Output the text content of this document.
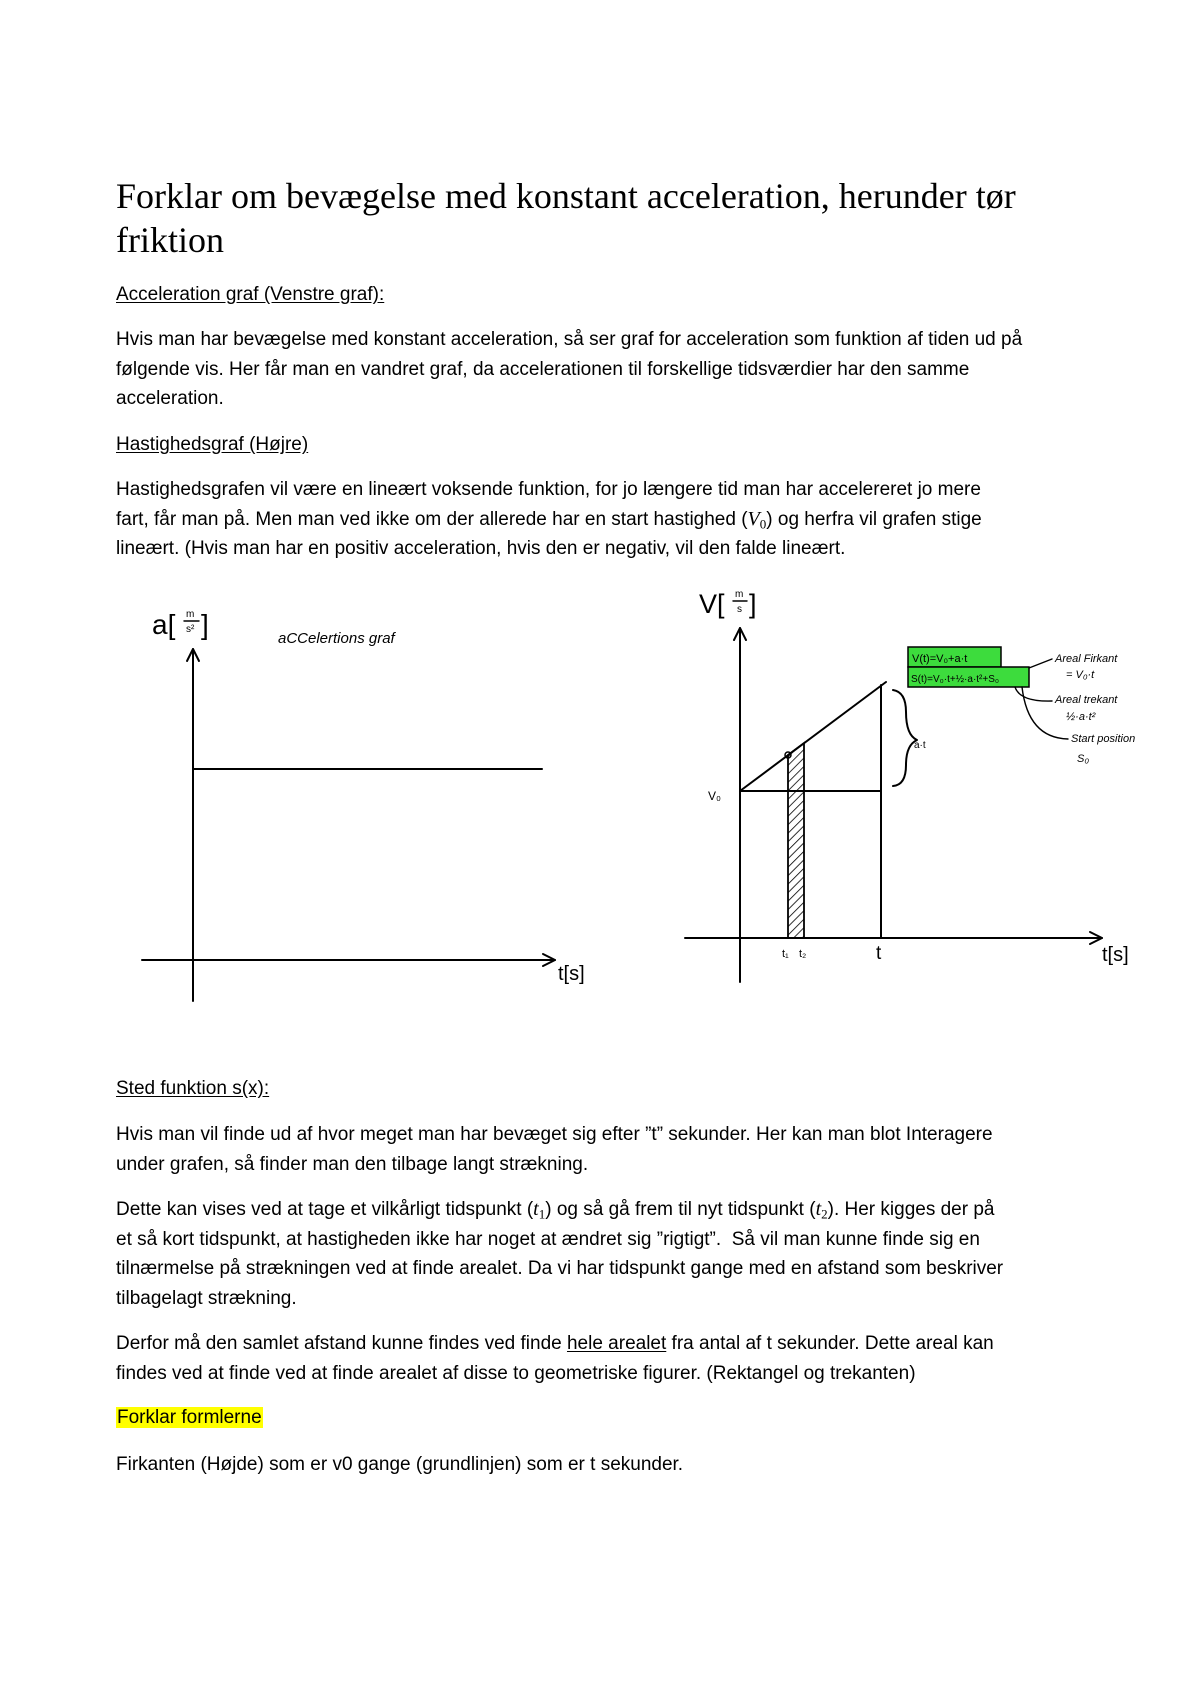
Forklar om bevægelse med konstant acceleration, herunder tør
friktion
Acceleration graf (Venstre graf):
Hvis man har bevægelse med konstant acceleration, så ser graf for acceleration som funktion af tiden ud på
følgende vis. Her får man en vandret graf, da accelerationen til forskellige tidsværdier har den samme
acceleration.
Hastighedsgraf (Højre)
Hastighedsgrafen vil være en lineært voksende funktion, for jo længere tid man har accelereret jo mere
fart, får man på. Men man ved ikke om der allerede har en start hastighed $(V_0)$ og herfra vil grafen stige
lineært. (Hvis man har en positiv acceleration, hvis den er negativ, vil den falde lineært.
a[ m
s² ]	aCCelertions graf
t[s]
a·t
V[ m
s ]
V₀
t₁ t₂	t	t[s]
V(t)=V₀+a·t
S(t)=V₀·t+½·a·t²+S₀
Areal Firkant
= V₀·t
Areal trekant
½·a·t²
Start position
S₀
Sted funktion s(x):
Hvis man vil finde ud af hvor meget man har bevæget sig efter ”t” sekunder. Her kan man blot Interagere
under grafen, så finder man den tilbage langt strækning.
Dette kan vises ved at tage et vilkårligt tidspunkt $(t_1)$ og så gå frem til nyt tidspunkt $(t_2)$. Her kigges der på
et så kort tidspunkt, at hastigheden ikke har noget at ændret sig ”rigtigt”.  Så vil man kunne finde sig en
tilnærmelse på strækningen ved at finde arealet. Da vi har tidspunkt gange med en afstand som beskriver
tilbagelagt strækning.
Derfor må den samlet afstand kunne findes ved finde hele arealet fra antal af t sekunder. Dette areal kan
findes ved at finde ved at finde arealet af disse to geometriske figurer. (Rektangel og trekanten)
Forklar formlerne
Firkanten (Højde) som er v0 gange (grundlinjen) som er t sekunder.
